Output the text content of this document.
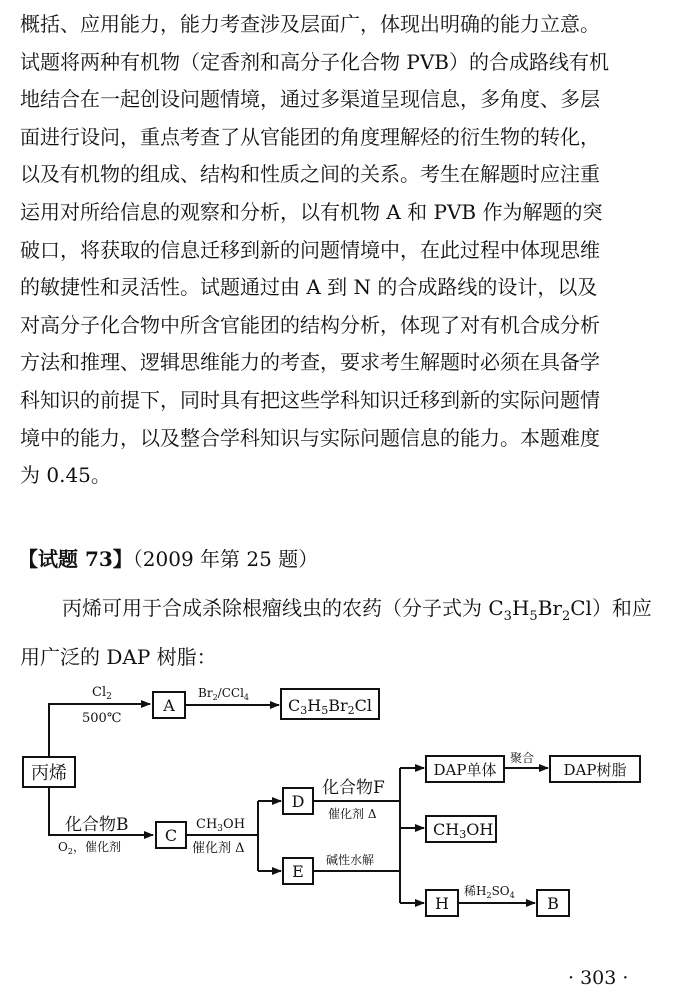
概括、应用能力，能力考查涉及层面广，体现出明确的能力立意。
试题将两种有机物（定香剂和高分子化合物 PVB）的合成路线有机
地结合在一起创设问题情境，通过多渠道呈现信息，多角度、多层
面进行设问，重点考查了从官能团的角度理解烃的衍生物的转化，
以及有机物的组成、结构和性质之间的关系。考生在解题时应注重
运用对所给信息的观察和分析，以有机物 A 和 PVB 作为解题的突
破口，将获取的信息迁移到新的问题情境中，在此过程中体现思维
的敏捷性和灵活性。试题通过由 A 到 N 的合成路线的设计，以及
对高分子化合物中所含官能团的结构分析，体现了对有机合成分析
方法和推理、逻辑思维能力的考查，要求考生解题时必须在具备学
科知识的前提下，同时具有把这些学科知识迁移到新的实际问题情
境中的能力，以及整合学科知识与实际问题信息的能力。本题难度
为 0.45。
【试题 73】（2009 年第 25 题）
丙烯可用于合成杀除根瘤线虫的农药（分子式为 $C_3H_5Br_2Cl$）和应
用广泛的 DAP 树脂：
丙烯
$Cl_2$
500℃
A
$Br_2/CCl_4$ C3H5Br2Cl
化合物B
$O_2$，催化剂
C
$CH_3OH$
催化剂 Δ
D
E
化合物F
催化剂 Δ
DAP单体
聚合
DAP树脂
CH3OH
碱性水解
H
稀$H_2SO_4$ B
· 303 ·
